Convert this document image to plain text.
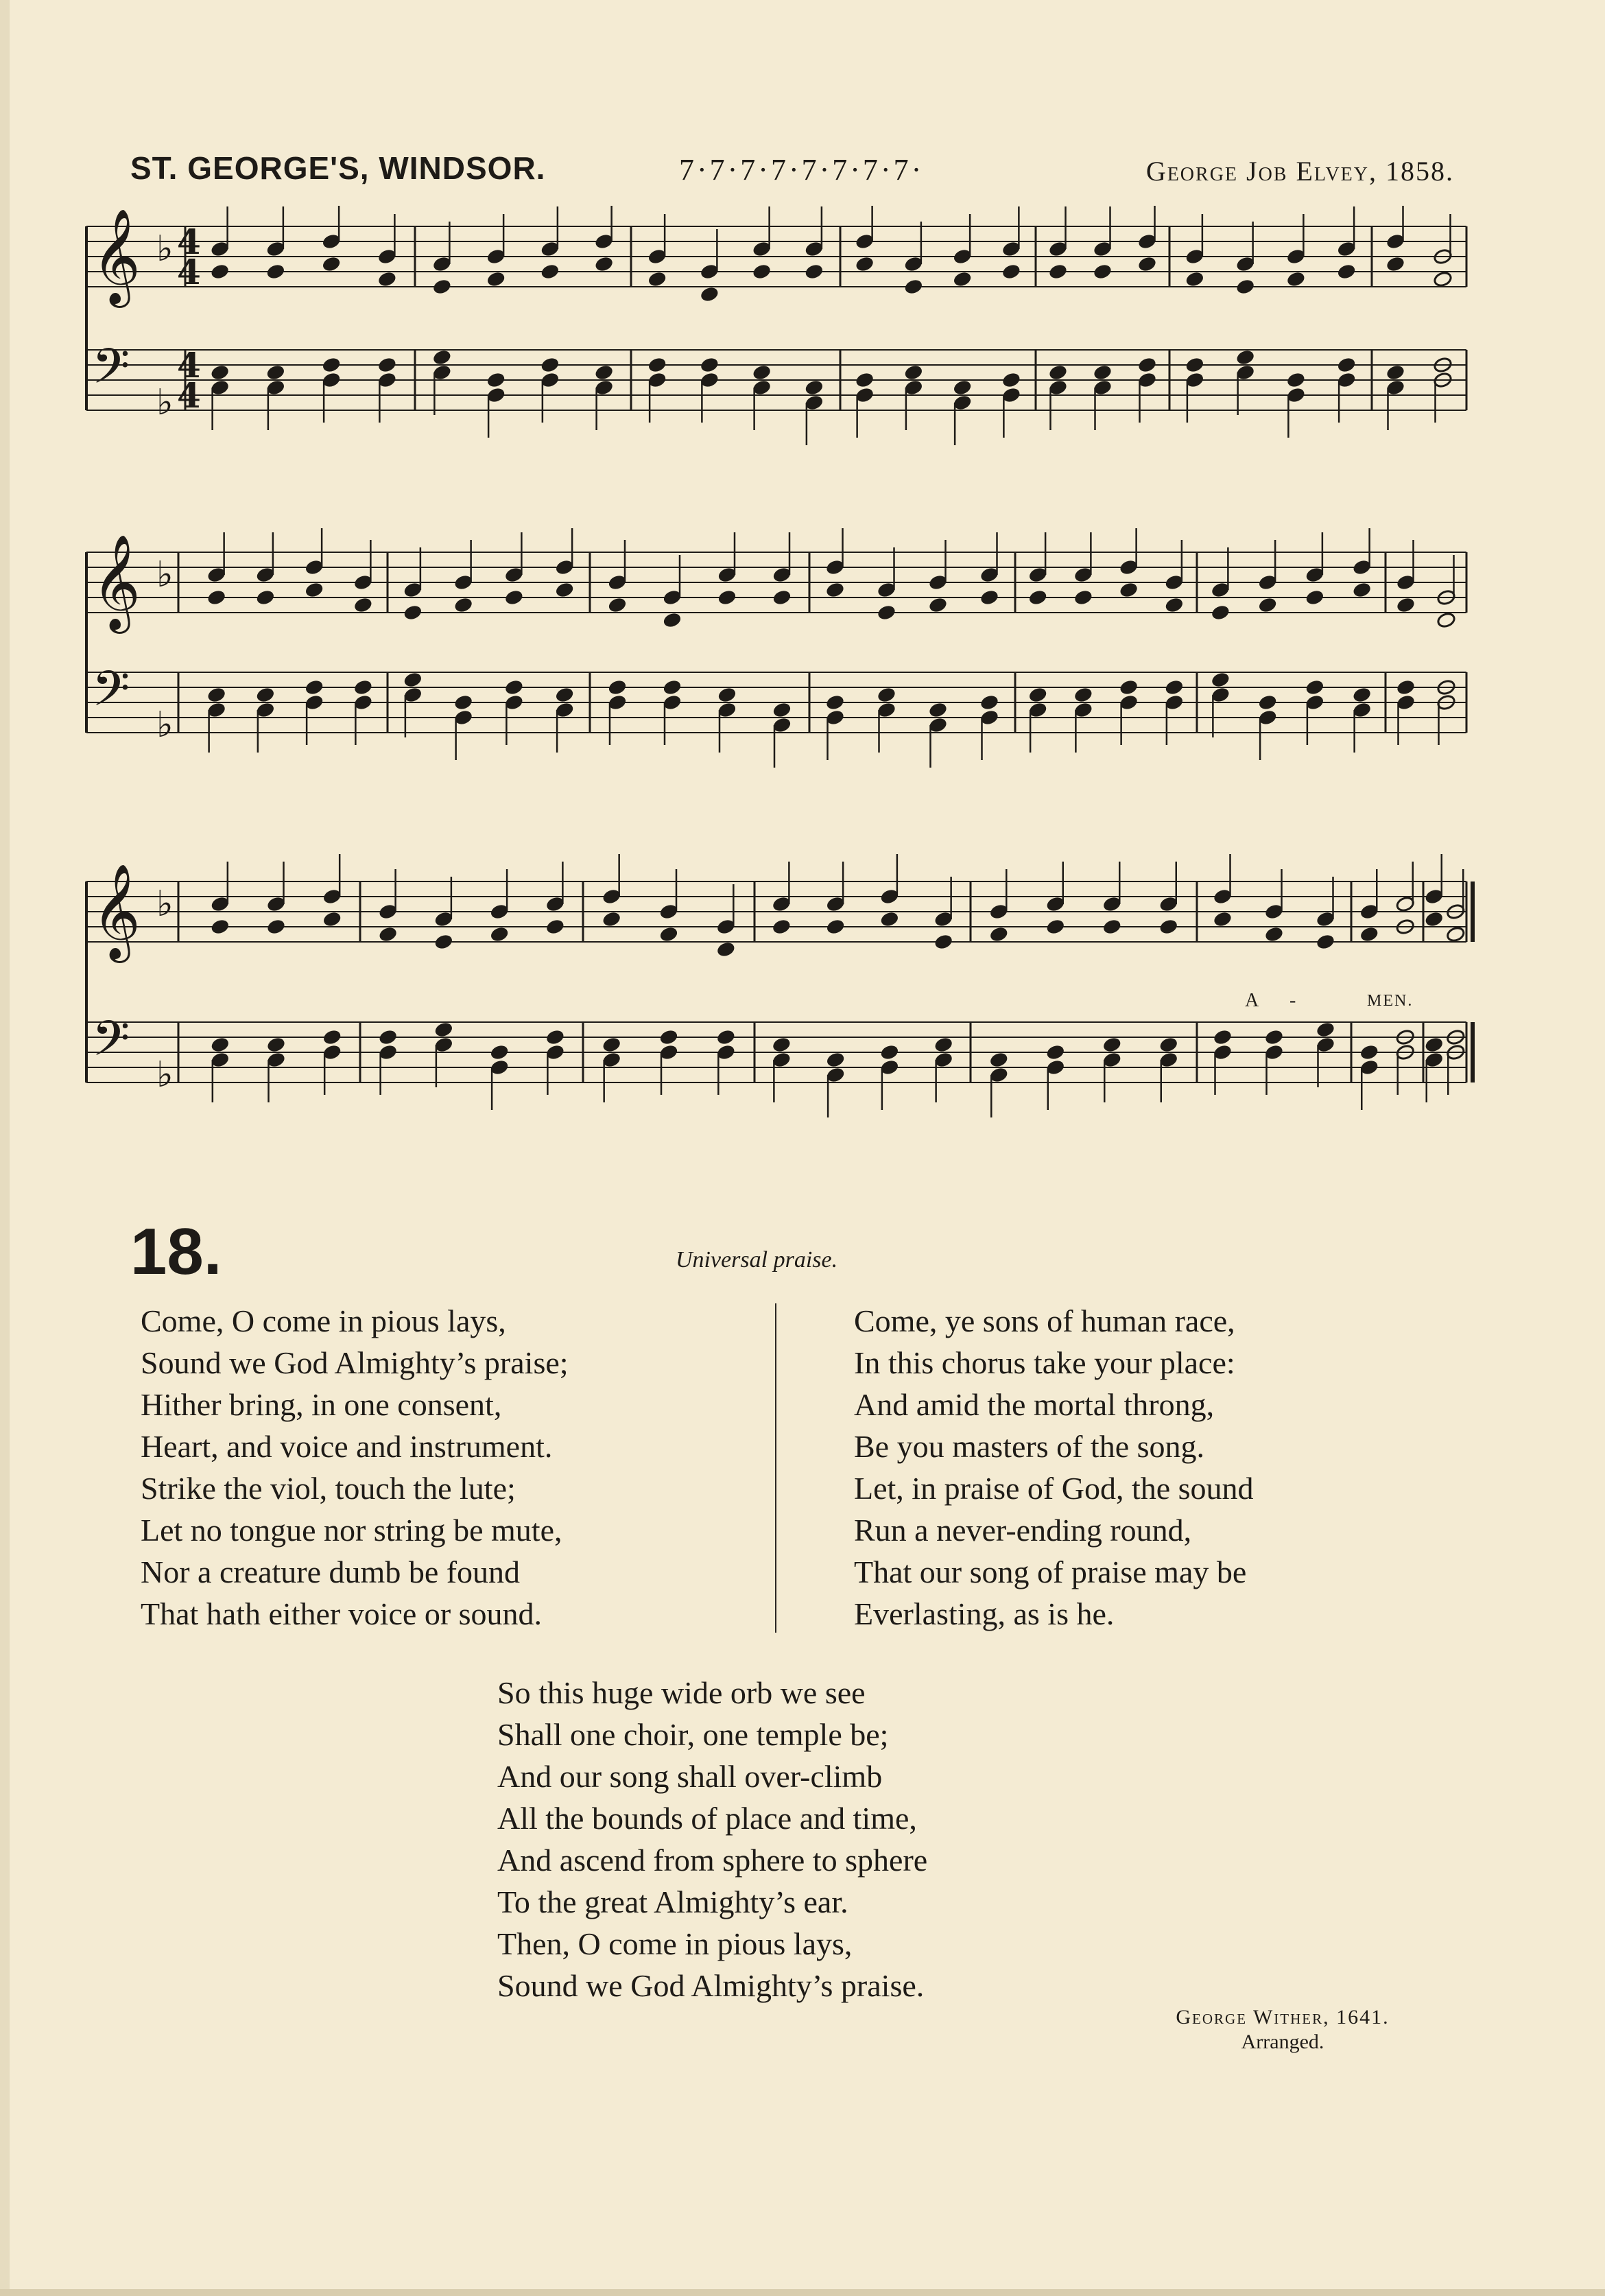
ST. GEORGE'S, WINDSOR.	7·7·7·7·7·7·7·7·	George Job Elvey, 1858.
𝄞 ♭ 4
4
𝄢 ♭
4
4
𝄞 ♭
𝄢 ♭
𝄞 ♭
𝄢 ♭
A -	MEN.
18.	Universal praise.
Come, O come in pious lays,
Sound we God Almighty’s praise;
Hither bring, in one consent,
Heart, and voice and instrument.
Strike the viol, touch the lute;
Let no tongue nor string be mute,
Nor a creature dumb be found
That hath either voice or sound.
Come, ye sons of human race,
In this chorus take your place:
And amid the mortal throng,
Be you masters of the song.
Let, in praise of God, the sound
Run a never-ending round,
That our song of praise may be
Everlasting, as is he.
So this huge wide orb we see
Shall one choir, one temple be;
And our song shall over-climb
All the bounds of place and time,
And ascend from sphere to sphere
To the great Almighty’s ear.
Then, O come in pious lays,
Sound we God Almighty’s praise.
George Wither, 1641.
Arranged.
